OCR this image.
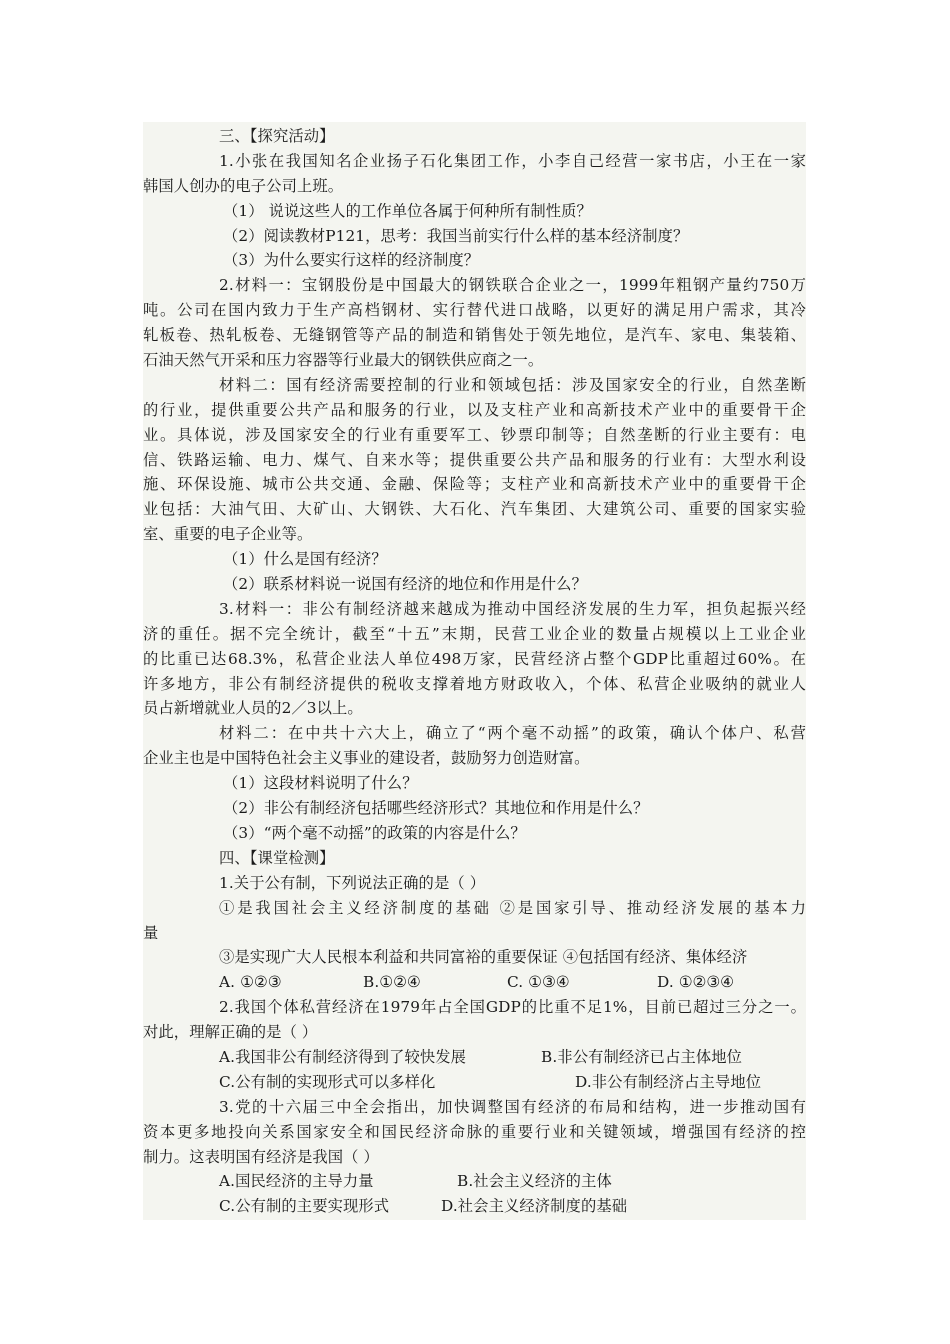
三、【探究活动】
1.小张在我国知名企业扬子石化集团工作，小李自己经营一家书店，小王在一家
韩国人创办的电子公司上班。
（1） 说说这些人的工作单位各属于何种所有制性质？
（2）阅读教材P121，思考：我国当前实行什么样的基本经济制度？
（3）为什么要实行这样的经济制度？
2.材料一：宝钢股份是中国最大的钢铁联合企业之一，1999年粗钢产量约750万
吨。公司在国内致力于生产高档钢材、实行替代进口战略，以更好的满足用户需求，其冷
轧板卷、热轧板卷、无缝钢管等产品的制造和销售处于领先地位，是汽车、家电、集装箱、
石油天然气开采和压力容器等行业最大的钢铁供应商之一。
材料二：国有经济需要控制的行业和领域包括：涉及国家安全的行业，自然垄断
的行业，提供重要公共产品和服务的行业，以及支柱产业和高新技术产业中的重要骨干企
业。具体说，涉及国家安全的行业有重要军工、钞票印制等；自然垄断的行业主要有：电
信、铁路运输、电力、煤气、自来水等；提供重要公共产品和服务的行业有：大型水利设
施、环保设施、城市公共交通、金融、保险等；支柱产业和高新技术产业中的重要骨干企
业包括：大油气田、大矿山、大钢铁、大石化、汽车集团、大建筑公司、重要的国家实验
室、重要的电子企业等。
（1）什么是国有经济？
（2）联系材料说一说国有经济的地位和作用是什么？
3.材料一：非公有制经济越来越成为推动中国经济发展的生力军，担负起振兴经
济的重任。据不完全统计，截至“十五”末期，民营工业企业的数量占规模以上工业企业
的比重已达68.3%，私营企业法人单位498万家，民营经济占整个GDP比重超过60%。在
许多地方，非公有制经济提供的税收支撑着地方财政收入，个体、私营企业吸纳的就业人
员占新增就业人员的2／3以上。
材料二：在中共十六大上，确立了“两个毫不动摇”的政策，确认个体户、私营
企业主也是中国特色社会主义事业的建设者，鼓励努力创造财富。
（1）这段材料说明了什么？
（2）非公有制经济包括哪些经济形式？其地位和作用是什么？
（3）“两个毫不动摇”的政策的内容是什么？
四、【课堂检测】
1.关于公有制，下列说法正确的是（ ）
①是我国社会主义经济制度的基础 ②是国家引导、推动经济发展的基本力
量
③是实现广大人民根本利益和共同富裕的重要保证 ④包括国有经济、集体经济
A. ①②③	B.①②④	C. ①③④	D. ①②③④
2.我国个体私营经济在1979年占全国GDP的比重不足1%，目前已超过三分之一。
对此，理解正确的是（ ）
A.我国非公有制经济得到了较快发展	B.非公有制经济已占主体地位
C.公有制的实现形式可以多样化	D.非公有制经济占主导地位
3.党的十六届三中全会指出，加快调整国有经济的布局和结构，进一步推动国有
资本更多地投向关系国家安全和国民经济命脉的重要行业和关键领域，增强国有经济的控
制力。这表明国有经济是我国（ ）
A.国民经济的主导力量	B.社会主义经济的主体
C.公有制的主要实现形式	D.社会主义经济制度的基础
